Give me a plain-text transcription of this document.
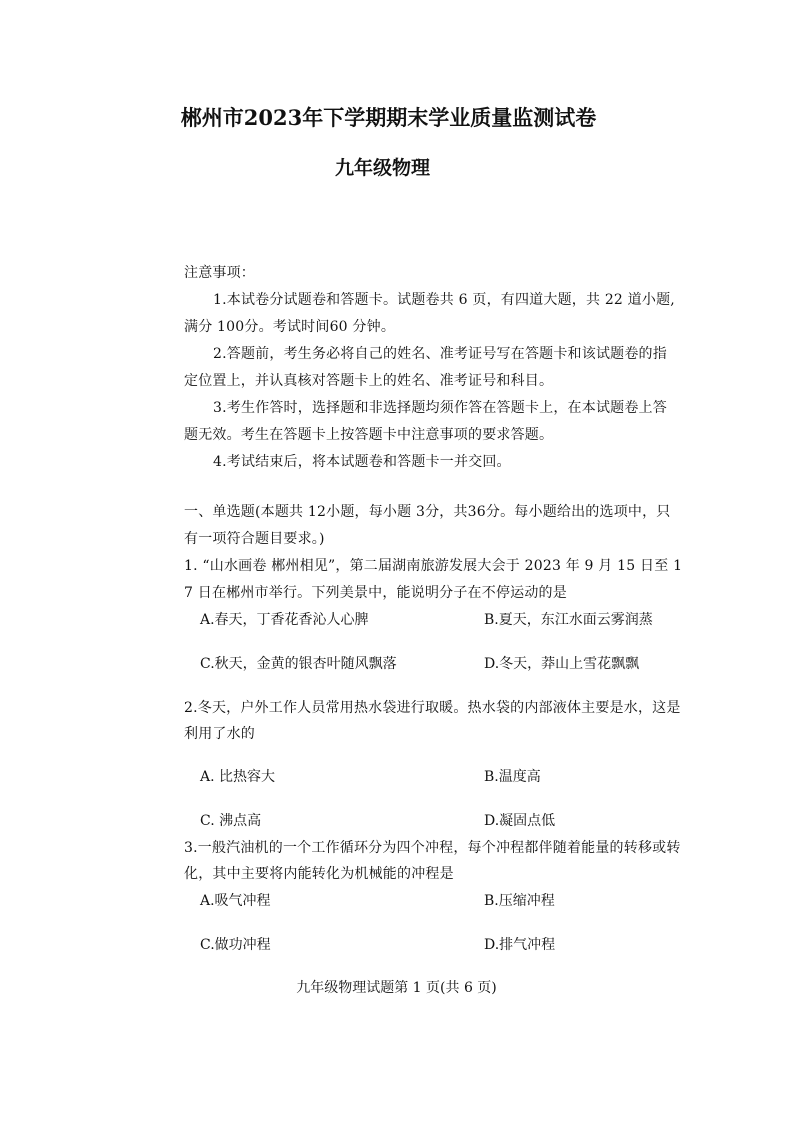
郴州市2023年下学期期末学业质量监测试卷
九年级物理
注意事项：
1.本试卷分试题卷和答题卡。试题卷共 6 页，有四道大题，共 22 道小题,
满分 100分。考试时间60 分钟。
2.答题前，考生务必将自己的姓名、准考证号写在答题卡和该试题卷的指
定位置上，并认真核对答题卡上的姓名、准考证号和科目。
3.考生作答时，选择题和非选择题均须作答在答题卡上，在本试题卷上答
题无效。考生在答题卡上按答题卡中注意事项的要求答题。
4.考试结束后，将本试题卷和答题卡一并交回。
一、单选题(本题共 12小题，每小题 3分，共36分。每小题给出的选项中，只
有一项符合题目要求。)
1. “山水画卷 郴州相见”，第二届湖南旅游发展大会于 2023 年 9 月 15 日至 1
7 日在郴州市举行。下列美景中，能说明分子在不停运动的是
A.春天，丁香花香沁人心脾	B.夏天，东江水面云雾润蒸
C.秋天，金黄的银杏叶随风飘落	D.冬天，莽山上雪花飘飘
2.冬天，户外工作人员常用热水袋进行取暖。热水袋的内部液体主要是水，这是
利用了水的
A. 比热容大	B.温度高
C. 沸点高	D.凝固点低
3.一般汽油机的一个工作循环分为四个冲程，每个冲程都伴随着能量的转移或转
化，其中主要将内能转化为机械能的冲程是
A.吸气冲程	B.压缩冲程
C.做功冲程	D.排气冲程
九年级物理试题第 1 页(共 6 页)
